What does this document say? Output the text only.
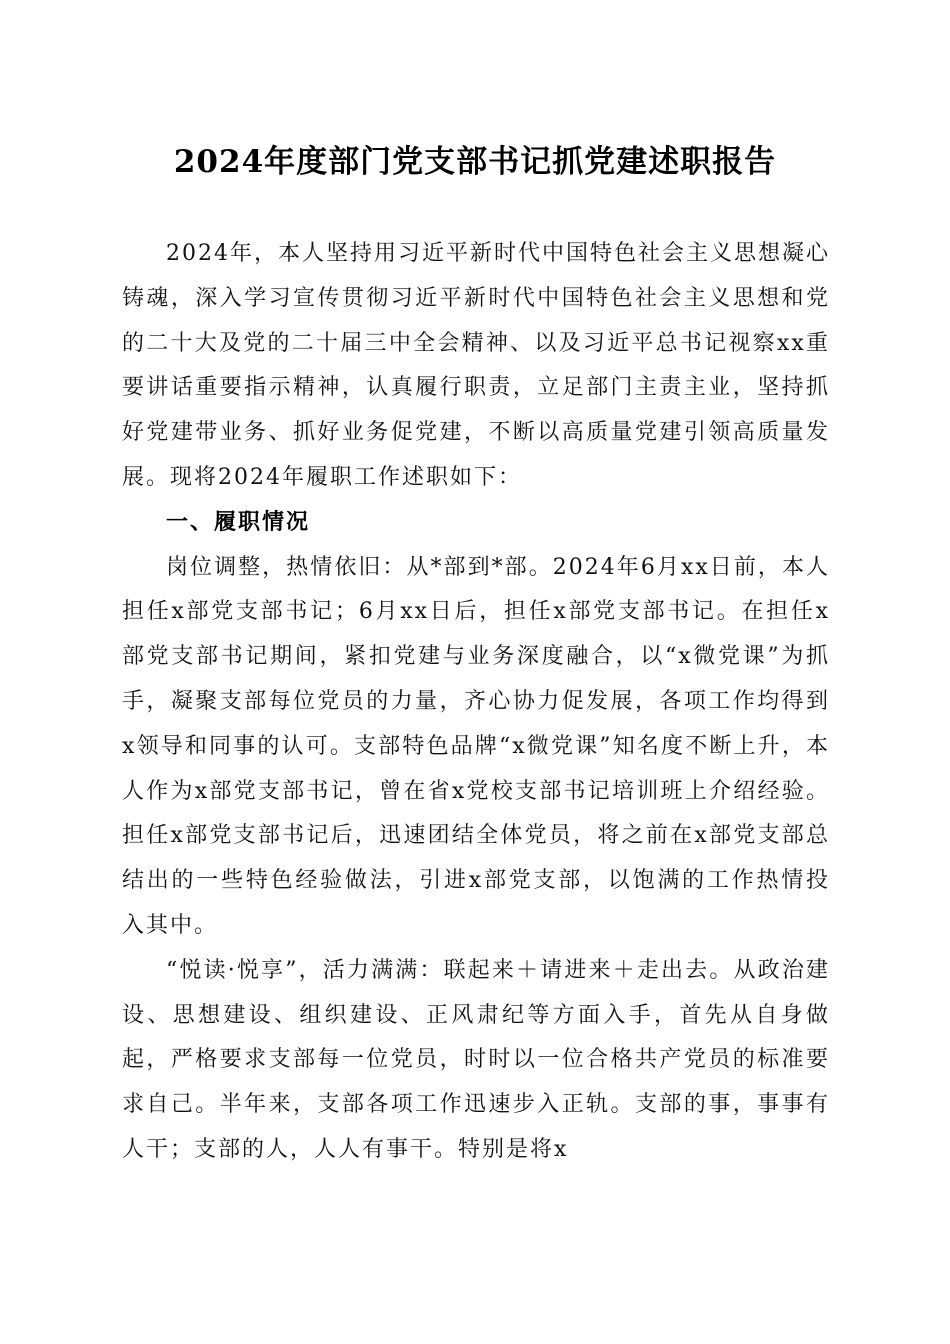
2024年度部门党支部书记抓党建述职报告

2024年，本人坚持用习近平新时代中国特色社会主义思想凝心铸魂，深入学习宣传贯彻习近平新时代中国特色社会主义思想和党的二十大及党的二十届三中全会精神、以及习近平总书记视察xx重要讲话重要指示精神，认真履行职责，立足部门主责主业，坚持抓好党建带业务、抓好业务促党建，不断以高质量党建引领高质量发展。现将2024年履职工作述职如下：

一、履职情况

岗位调整，热情依旧：从*部到*部。2024年6月xx日前，本人担任x部党支部书记；6月xx日后，担任x部党支部书记。在担任x部党支部书记期间，紧扣党建与业务深度融合，以“x微党课”为抓手，凝聚支部每位党员的力量，齐心协力促发展，各项工作均得到x领导和同事的认可。支部特色品牌“x微党课”知名度不断上升，本人作为x部党支部书记，曾在省x党校支部书记培训班上介绍经验。担任x部党支部书记后，迅速团结全体党员，将之前在x部党支部总结出的一些特色经验做法，引进x部党支部，以饱满的工作热情投入其中。

“悦读·悦享”，活力满满：联起来＋请进来＋走出去。从政治建设、思想建设、组织建设、正风肃纪等方面入手，首先从自身做起，严格要求支部每一位党员，时时以一位合格共产党员的标准要求自己。半年来，支部各项工作迅速步入正轨。支部的事，事事有人干；支部的人，人人有事干。特别是将x
